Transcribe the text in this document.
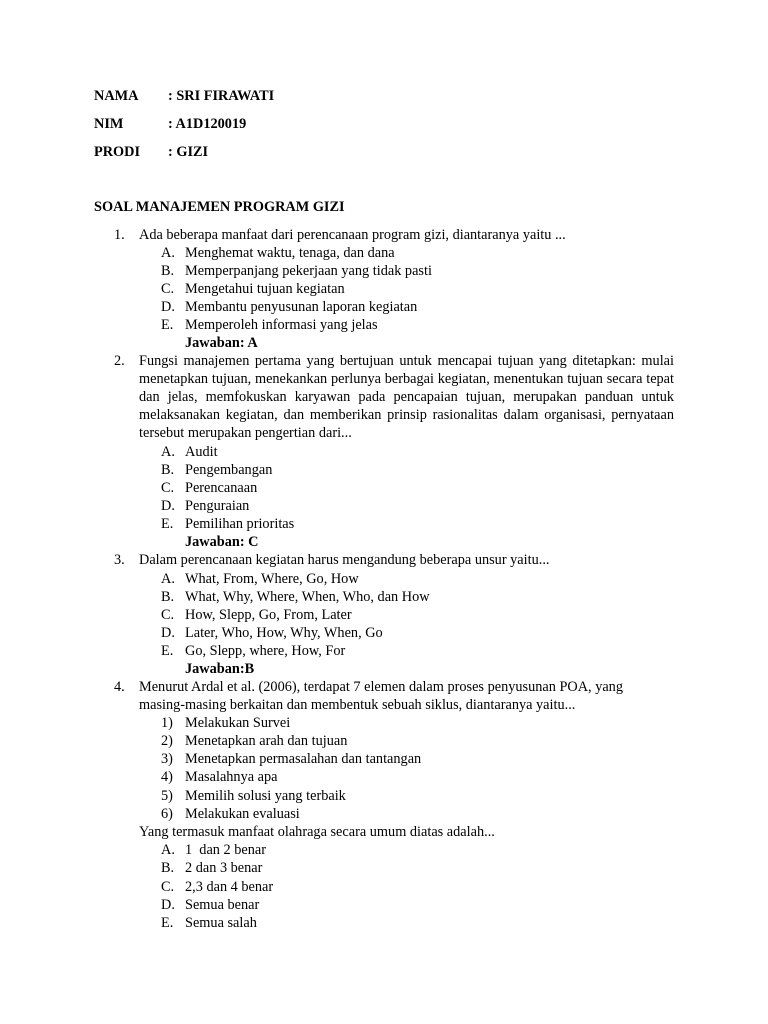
NAMA : SRI FIRAWATI
NIM	: A1D120019
PRODI : GIZI
SOAL MANAJEMEN PROGRAM GIZI
1. Ada beberapa manfaat dari perencanaan program gizi, diantaranya yaitu ...
A. Menghemat waktu, tenaga, dan dana
B. Memperpanjang pekerjaan yang tidak pasti
C. Mengetahui tujuan kegiatan
D. Membantu penyusunan laporan kegiatan
E. Memperoleh informasi yang jelas
Jawaban: A
2. Fungsi manajemen pertama yang bertujuan untuk mencapai tujuan yang ditetapkan: mulai menetapkan tujuan, menekankan perlunya berbagai kegiatan, menentukan tujuan secara tepat dan jelas, memfokuskan karyawan pada pencapaian tujuan, merupakan panduan untuk melaksanakan kegiatan, dan memberikan prinsip rasionalitas dalam organisasi, pernyataan tersebut merupakan pengertian dari...
A. Audit
B. Pengembangan
C. Perencanaan
D. Penguraian
E. Pemilihan prioritas
Jawaban: C
3. Dalam perencanaan kegiatan harus mengandung beberapa unsur yaitu...
A. What, From, Where, Go, How
B. What, Why, Where, When, Who, dan How
C. How, Slepp, Go, From, Later
D. Later, Who, How, Why, When, Go
E. Go, Slepp, where, How, For
Jawaban:B
4. Menurut Ardal et al. (2006), terdapat 7 elemen dalam proses penyusunan POA, yang masing-masing berkaitan dan membentuk sebuah siklus, diantaranya yaitu...
1) Melakukan Survei
2) Menetapkan arah dan tujuan
3) Menetapkan permasalahan dan tantangan
4) Masalahnya apa
5) Memilih solusi yang terbaik
6) Melakukan evaluasi
Yang termasuk manfaat olahraga secara umum diatas adalah...
A. 1  dan 2 benar
B. 2 dan 3 benar
C. 2,3 dan 4 benar
D. Semua benar
E. Semua salah
